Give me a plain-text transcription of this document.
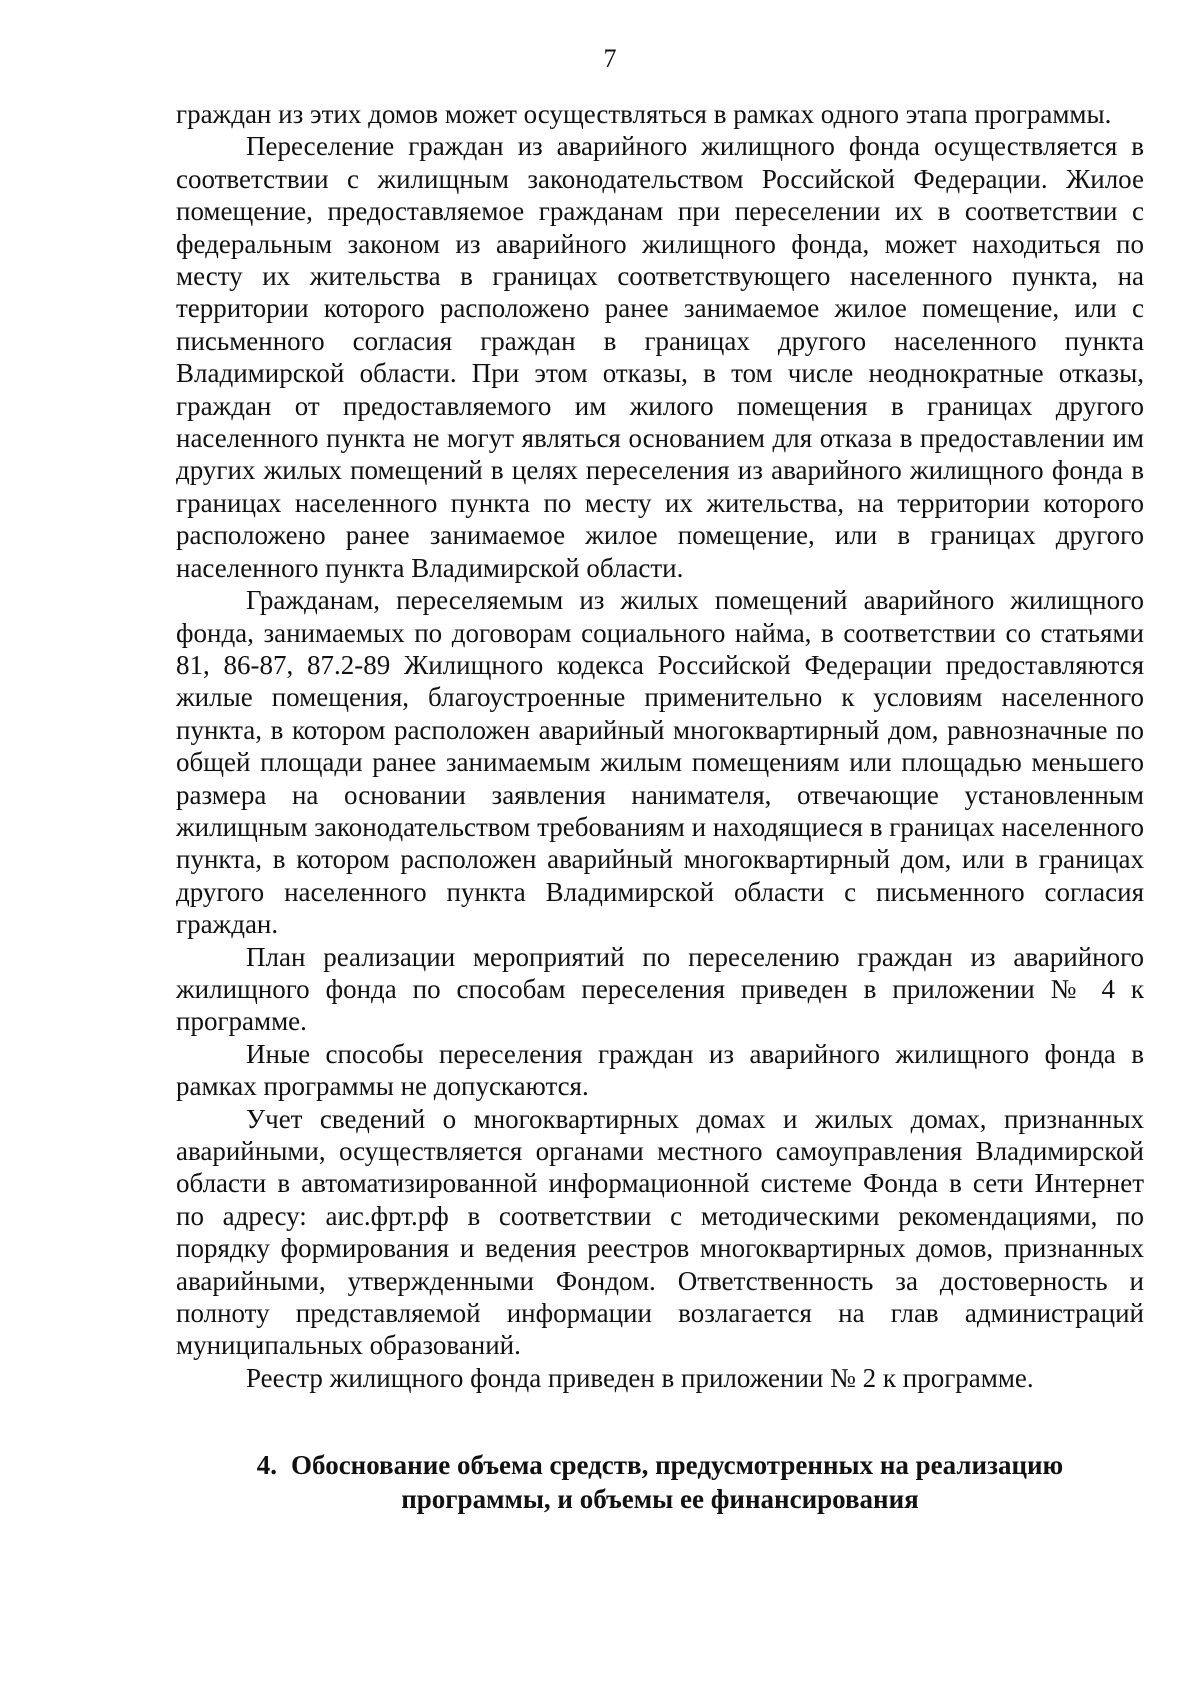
7

граждан из этих домов может осуществляться в рамках одного этапа программы.

Переселение граждан из аварийного жилищного фонда осуществляется в соответствии с жилищным законодательством Российской Федерации. Жилое помещение, предоставляемое гражданам при переселении их в соответствии с федеральным законом из аварийного жилищного фонда, может находиться по месту их жительства в границах соответствующего населенного пункта, на территории которого расположено ранее занимаемое жилое помещение, или с письменного согласия граждан в границах другого населенного пункта Владимирской области. При этом отказы, в том числе неоднократные отказы, граждан от предоставляемого им жилого помещения в границах другого населенного пункта не могут являться основанием для отказа в предоставлении им других жилых помещений в целях переселения из аварийного жилищного фонда в границах населенного пункта по месту их жительства, на территории которого расположено ранее занимаемое жилое помещение, или в границах другого населенного пункта Владимирской области.

Гражданам, переселяемым из жилых помещений аварийного жилищного фонда, занимаемых по договорам социального найма, в соответствии со статьями 81, 86-87, 87.2-89 Жилищного кодекса Российской Федерации предоставляются жилые помещения, благоустроенные применительно к условиям населенного пункта, в котором расположен аварийный многоквартирный дом, равнозначные по общей площади ранее занимаемым жилым помещениям или площадью меньшего размера на основании заявления нанимателя, отвечающие установленным жилищным законодательством требованиям и находящиеся в границах населенного пункта, в котором расположен аварийный многоквартирный дом, или в границах другого населенного пункта Владимирской области с письменного согласия граждан.

План реализации мероприятий по переселению граждан из аварийного жилищного фонда по способам переселения приведен в приложении № 4 к программе.

Иные способы переселения граждан из аварийного жилищного фонда в рамках программы не допускаются.

Учет сведений о многоквартирных домах и жилых домах, признанных аварийными, осуществляется органами местного самоуправления Владимирской области в автоматизированной информационной системе Фонда в сети Интернет по адресу: аис.фрт.рф в соответствии с методическими рекомендациями, по порядку формирования и ведения реестров многоквартирных домов, признанных аварийными, утвержденными Фондом. Ответственность за достоверность и полноту представляемой информации возлагается на глав администраций муниципальных образований.

Реестр жилищного фонда приведен в приложении № 2 к программе.

4. Обоснование объема средств, предусмотренных на реализацию
программы, и объемы ее финансирования
